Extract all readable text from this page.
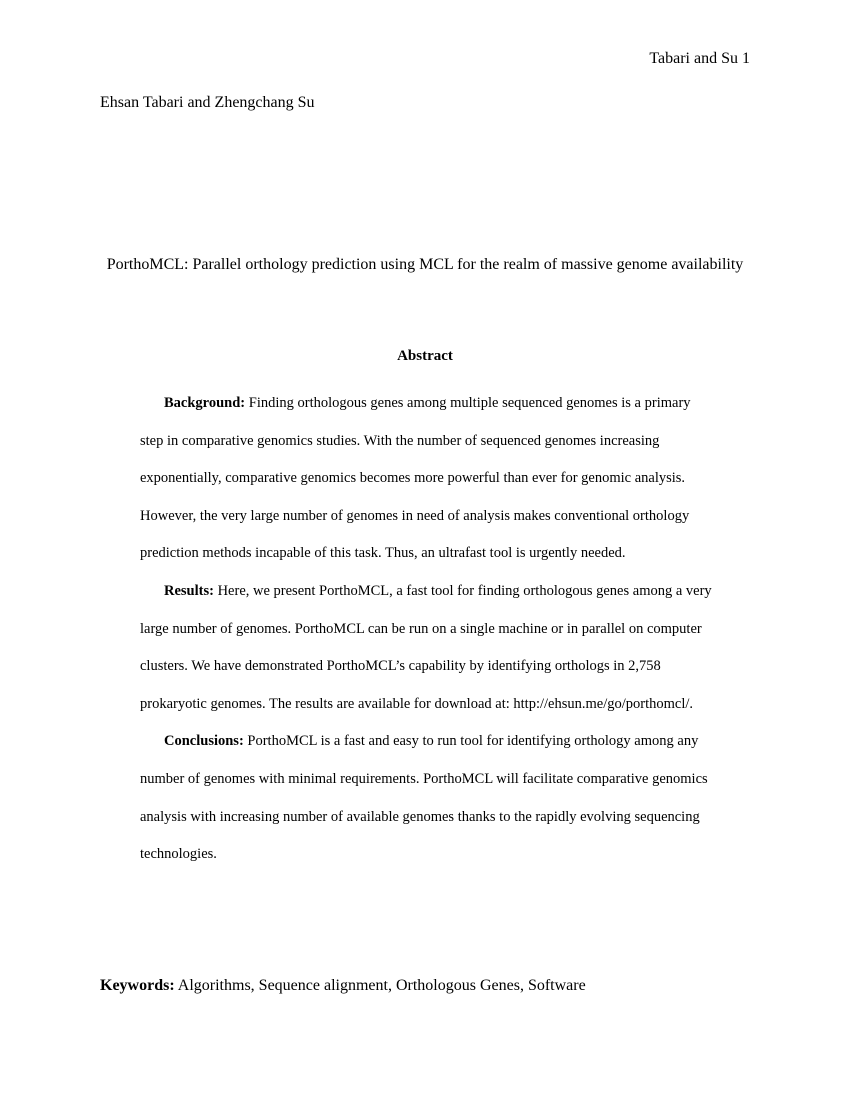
Tabari and Su 1
Ehsan Tabari and Zhengchang Su
PorthoMCL: Parallel orthology prediction using MCL for the realm of massive genome availability
Abstract

Background: Finding orthologous genes among multiple sequenced genomes is a primary step in comparative genomics studies. With the number of sequenced genomes increasing exponentially, comparative genomics becomes more powerful than ever for genomic analysis. However, the very large number of genomes in need of analysis makes conventional orthology prediction methods incapable of this task. Thus, an ultrafast tool is urgently needed.

Results: Here, we present PorthoMCL, a fast tool for finding orthologous genes among a very large number of genomes. PorthoMCL can be run on a single machine or in parallel on computer clusters. We have demonstrated PorthoMCL’s capability by identifying orthologs in 2,758 prokaryotic genomes. The results are available for download at: http://ehsun.me/go/porthomcl/.

Conclusions: PorthoMCL is a fast and easy to run tool for identifying orthology among any number of genomes with minimal requirements. PorthoMCL will facilitate comparative genomics analysis with increasing number of available genomes thanks to the rapidly evolving sequencing technologies.

Keywords: Algorithms, Sequence alignment, Orthologous Genes, Software
